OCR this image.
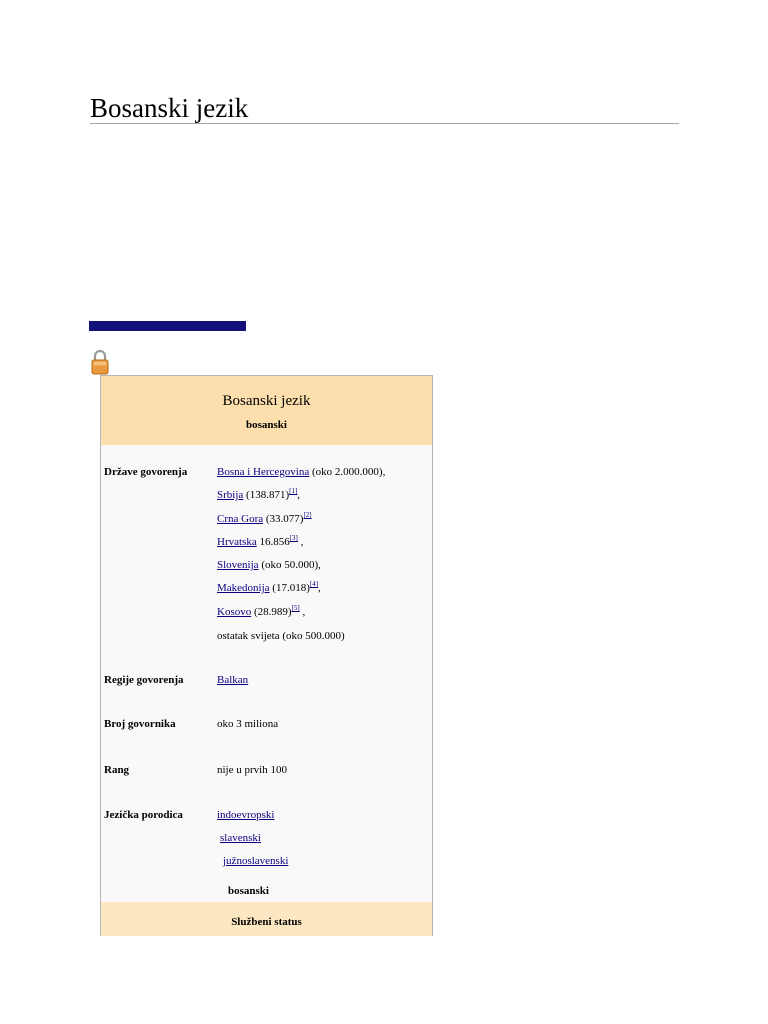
Bosanski jezik
Bosanski jezik
bosanski
Države govorenja	Bosna i Hercegovina (oko 2.000.000),
Srbija (138.871)[1],
Crna Gora (33.077)[2]
Hrvatska 16.856[3] ,
Slovenija (oko 50.000),
Makedonija (17.018)[4],
Kosovo (28.989)[5] ,
ostatak svijeta (oko 500.000)
Regije govorenja	Balkan
Broj govornika	oko 3 miliona
Rang	nije u prvih 100
Jezička porodica	indoevropski
slavenski
južnoslavenski
bosanski
Službeni status
